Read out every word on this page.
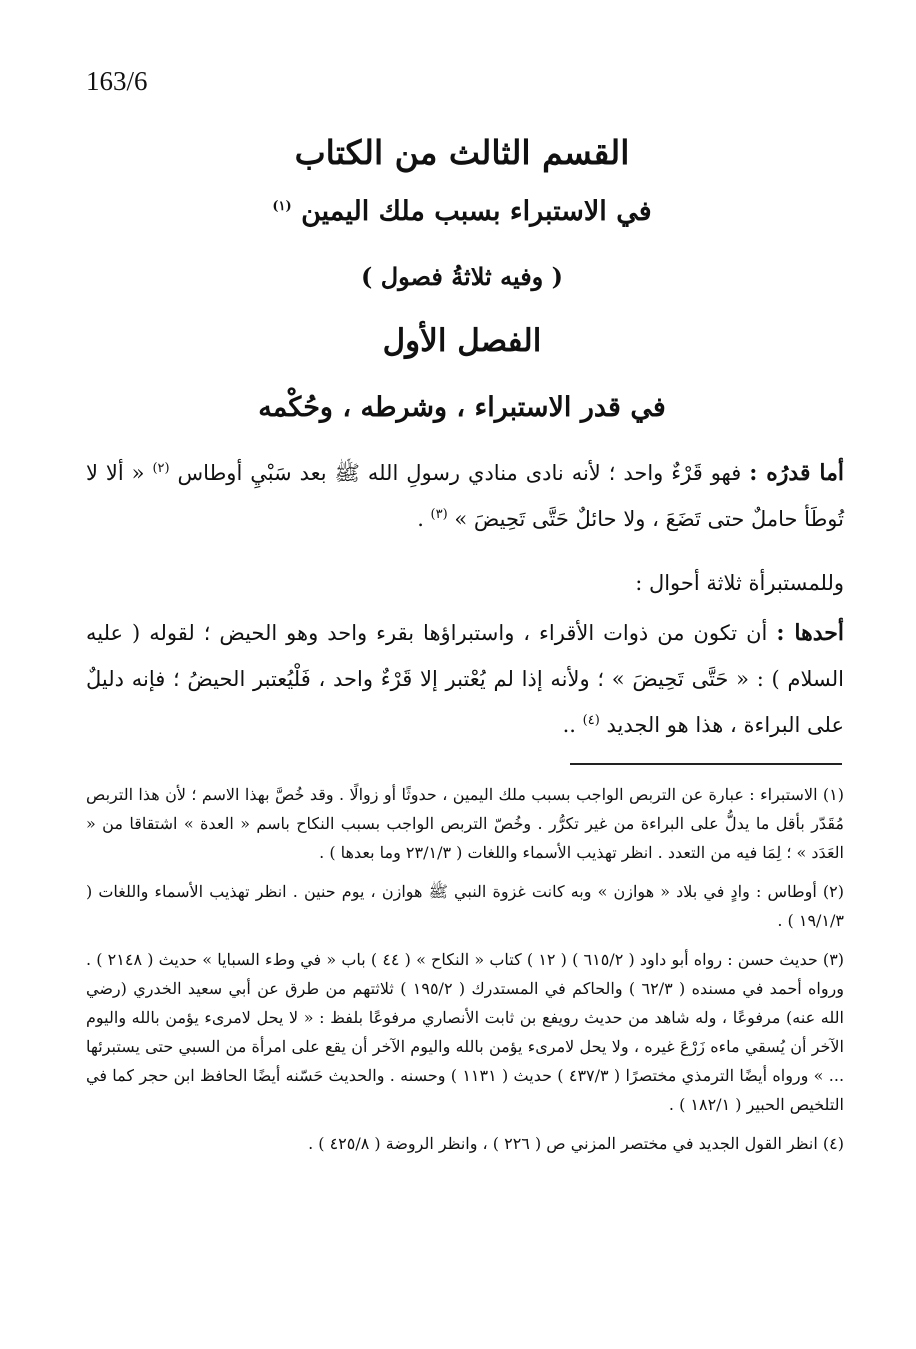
163/6
القسم الثالث من الكتاب
في الاستبراء بسبب ملك اليمين $^{(١)}$
( وفيه ثلاثةُ فصول )
الفصل الأول
في قدر الاستبراء ، وشرطه ، وحُكْمه
أما قدرُه : فهو قَرْءٌ واحد ؛ لأنه نادى منادي رسولِ الله ﷺ بعد سَبْيِ أوطاس $^{(٢)}$ « ألا لا تُوطَأ حاملٌ حتى تَضَعَ ، ولا حائلٌ حَتَّى تَحِيضَ » $^{(٣)}$ .
وللمستبرأة ثلاثة أحوال :
أحدها : أن تكون من ذوات الأقراء ، واستبراؤها بقرء واحد وهو الحيض ؛ لقوله ( عليه السلام ) : « حَتَّى تَحِيضَ » ؛ ولأنه إذا لم يُعْتبر إلا قَرْءٌ واحد ، فَلْيُعتبر الحيضُ ؛ فإنه دليلٌ على البراءة ، هذا هو الجديد $^{(٤)}$ ..

(١) الاستبراء : عبارة عن التربص الواجب بسبب ملك اليمين ، حدوثًا أو زوالًا . وقد خُصَّ بهذا الاسم ؛ لأن هذا التربص مُقَدّر بأقل ما يدلُّ على البراءة من غير تكرُّر . وخُصّ التربص الواجب بسبب النكاح باسم « العدة » اشتقاقا من « العَدَد » ؛ لِمَا فيه من التعدد . انظر تهذيب الأسماء واللغات ( ٢٣/١/٣ وما بعدها ) .

(٢) أوطاس : وادٍ في بلاد « هوازن » وبه كانت غزوة النبي ﷺ هوازن ، يوم حنين . انظر تهذيب الأسماء واللغات ( ١٩/١/٣ ) .

(٣) حديث حسن : رواه أبو داود ( ٦١٥/٢ ) ( ١٢ ) كتاب « النكاح » ( ٤٤ ) باب « في وطء السبايا » حديث ( ٢١٤٨ ) . ورواه أحمد في مسنده ( ٦٢/٣ ) والحاكم في المستدرك ( ١٩٥/٢ ) ثلاثتهم من طرق عن أبي سعيد الخدري (رضي الله عنه) مرفوعًا ، وله شاهد من حديث رويفع بن ثابت الأنصاري مرفوعًا بلفظ : « لا يحل لامرىء يؤمن بالله واليوم الآخر أن يُسقي ماءه زَرْعَ غيره ، ولا يحل لامرىء يؤمن بالله واليوم الآخر أن يقع على امرأة من السبي حتى يستبرئها ... » ورواه أيضًا الترمذي مختصرًا ( ٤٣٧/٣ ) حديث ( ١١٣١ ) وحسنه . والحديث حَسّنه أيضًا الحافظ ابن حجر كما في التلخيص الحبير ( ١٨٢/١ ) .

(٤) انظر القول الجديد في مختصر المزني ص ( ٢٢٦ ) ، وانظر الروضة ( ٤٢٥/٨ ) .
